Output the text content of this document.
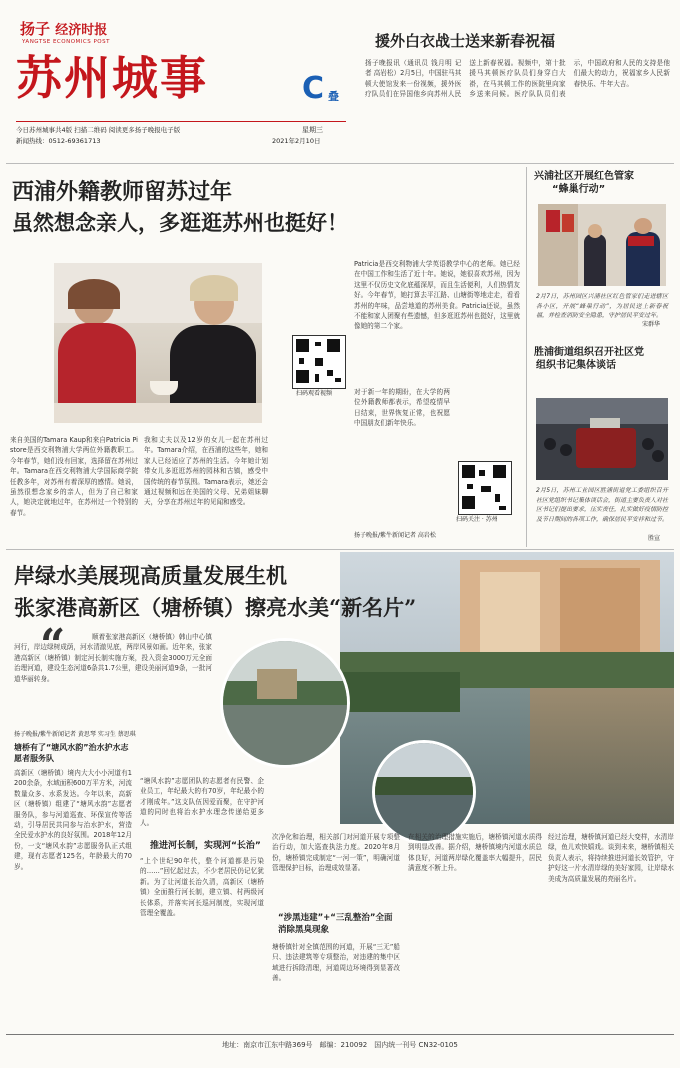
扬子 经济时报
YANGTSE ECONOMICS POST
苏州城事	C 叠
今日苏州城事共4版 扫描二维码 阅读更多扬子晚报电子版	星期三
新闻热线：0512-69361713	2021年2月10日
援外白衣战士送来新春祝福
扬子晚报讯（通讯员 钱月明 记者 高岩松）2月5日，中国驻马其顿大使馆发来一份视频，援外医疗队员们在异国他乡向苏州人民送上新春祝福。视频中，第十批援马其顿医疗队员们身穿白大褂，在马其顿工作的医院里向家乡送来问候。医疗队队员们表示，中国政府和人民的支持是他们最大的动力，祝福家乡人民新春快乐、牛年大吉。
西浦外籍教师留苏过年
虽然想念亲人，多逛逛苏州也挺好！
扫码观看视频
来自美国的Tamara Kaup和来自Patricia Pistore是西交利物浦大学两位外籍教职工。今年春节，她们没有回家，选择留在苏州过年。Tamara在西交利物浦大学国际商学院任教多年，对苏州有着深厚的感情。她说，虽然很想念家乡的亲人，但为了自己和家人，她决定就地过年，在苏州过一个特别的春节。
我和丈夫以及12岁的女儿一起在苏州过年。Tamara介绍，在西浦的这些年，她和家人已经适应了苏州的生活。今年她计划带女儿多逛逛苏州的园林和古镇，感受中国传统的春节氛围。Tamara表示，她还会通过视频和远在美国的父母、兄弟姐妹聊天，分享在苏州过年的见闻和感受。
Patricia是西交利物浦大学英语教学中心的老师。她已经在中国工作和生活了近十年。她说，她很喜欢苏州，因为这里不仅历史文化底蕴深厚，而且生活便利，人们热情友好。今年春节，她打算去平江路、山塘街等地走走，看看苏州的年味，品尝地道的苏州美食。Patricia还说，虽然不能和家人团聚有些遗憾，但多逛逛苏州也挺好，这里就像她的第二个家。
对于新一年的期盼，在大学的两位外籍教师都表示，希望疫情早日结束，世界恢复正常，也祝愿中国朋友们新年快乐。
扫码关注 · 苏州
扬子晚报/紫牛新闻记者 高岩松
兴浦社区开展红色管家
“蜂巢行动”
2月7日，苏州园区兴浦社区红色管家们走进辖区各小区，开展“蜂巢行动”，为居民送上新春祝福，并检查消防安全隐患，守护居民平安过年。
宋群华
胜浦街道组织召开社区党
组织书记集体谈话
2月5日，苏州工业园区胜浦街道党工委组织召开社区党组织书记集体谈话会，街道主要负责人对社区书记们提出要求，压实责任，扎实做好疫情防控及节日期间的各项工作，确保居民平安祥和过节。
胜宣
岸绿水美展现高质量发展生机
张家港高新区（塘桥镇）擦亮水美“新名片”
“	顺着张家港高新区（塘桥镇）韩山中心镇河行，岸边绿树成荫，河水清澈见底，两岸风景如画。近年来，张家港高新区（塘桥镇）制定河长制实施方案，投入资金3000万元全面治理河道，建设生态河道6条共1.7公里，建设美丽河道9条，一批河道华丽转身。
扬子晚报/紫牛新闻记者 黄思琴 实习生 蔡思琪
塘桥有了“塘风水韵”治水护水志愿者服务队
高新区（塘桥镇）境内大大小小河道有1200余条，水域面积600万平方米，河流数量众多、水系发达。今年以来，高新区（塘桥镇）组建了“塘风水韵”志愿者服务队，参与河道巡查、环保宣传等活动，引导居民共同参与治水护水，营造全民爱水护水的良好氛围。2018年12月份，一支“塘风水韵”志愿服务队正式组建，现有志愿者125名，年龄最大的70岁。
“塘风水韵”志愿团队的志愿者有民警、企业员工，年纪最大的有70岁，年纪最小的才刚成年。”这支队伍因爱而聚，在守护河道的同时也将治水护水理念传递给更多人。
推进河长制，实现河“长治”
“上个世纪90年代，整个河道都是污染的……”回忆起过去，不少老居民仍记忆犹新。为了让河道长治久清，高新区（塘桥镇）全面推行河长制，建立镇、村两级河长体系，并落实河长巡河制度，实现河道管理全覆盖。
次净化和治理，相关部门对河道开展专项整治行动，加大巡查执法力度。2020年8月份，塘桥镇完成制定“一河一策”，明确河道管理保护目标，治理成效显著。
“涉黑违建”+“三乱整治”全面消除黑臭现象
塘桥镇针对全镇范围的河道，开展“三无”船只、违法建筑等专项整治，对违建的集中区域进行拆除清理，河道周边环境得到显著改善。
在相关的治理措施实施后，塘桥镇河道水质得到明显改善。据介绍，塘桥镇境内河道水质总体良好，河道两岸绿化覆盖率大幅提升，居民满意度不断上升。
经过治理，塘桥镇河道已经大变样，水清岸绿，鱼儿欢快嬉戏。谈到未来，塘桥镇相关负责人表示，将持续推进河道长效管护，守护好这一片水清岸绿的美好家园，让岸绿水美成为高质量发展的亮丽名片。
地址：南京市江东中路369号　邮编：210092　国内统一刊号 CN32-0105
